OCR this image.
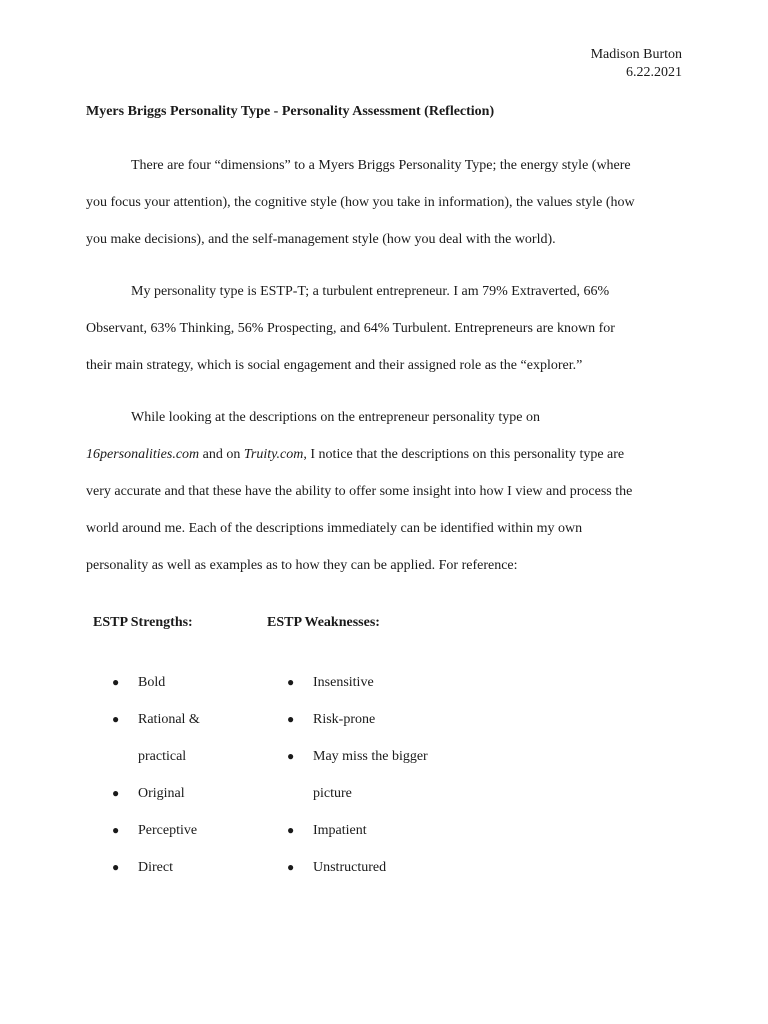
Madison Burton
6.22.2021
Myers Briggs Personality Type - Personality Assessment (Reflection)
There are four “dimensions” to a Myers Briggs Personality Type; the energy style (where
you focus your attention), the cognitive style (how you take in information), the values style (how
you make decisions), and the self-management style (how you deal with the world).
My personality type is ESTP-T; a turbulent entrepreneur. I am 79% Extraverted, 66%
Observant, 63% Thinking, 56% Prospecting, and 64% Turbulent. Entrepreneurs are known for
their main strategy, which is social engagement and their assigned role as the “explorer.”
While looking at the descriptions on the entrepreneur personality type on
16personalities.com and on Truity.com, I notice that the descriptions on this personality type are
very accurate and that these have the ability to offer some insight into how I view and process the
world around me. Each of the descriptions immediately can be identified within my own
personality as well as examples as to how they can be applied. For reference:
ESTP Strengths:	ESTP Weaknesses:
● Bold
● Rational &
practical
● Original
● Perceptive
● Direct
● Insensitive
● Risk-prone
● May miss the bigger
picture
● Impatient
● Unstructured
